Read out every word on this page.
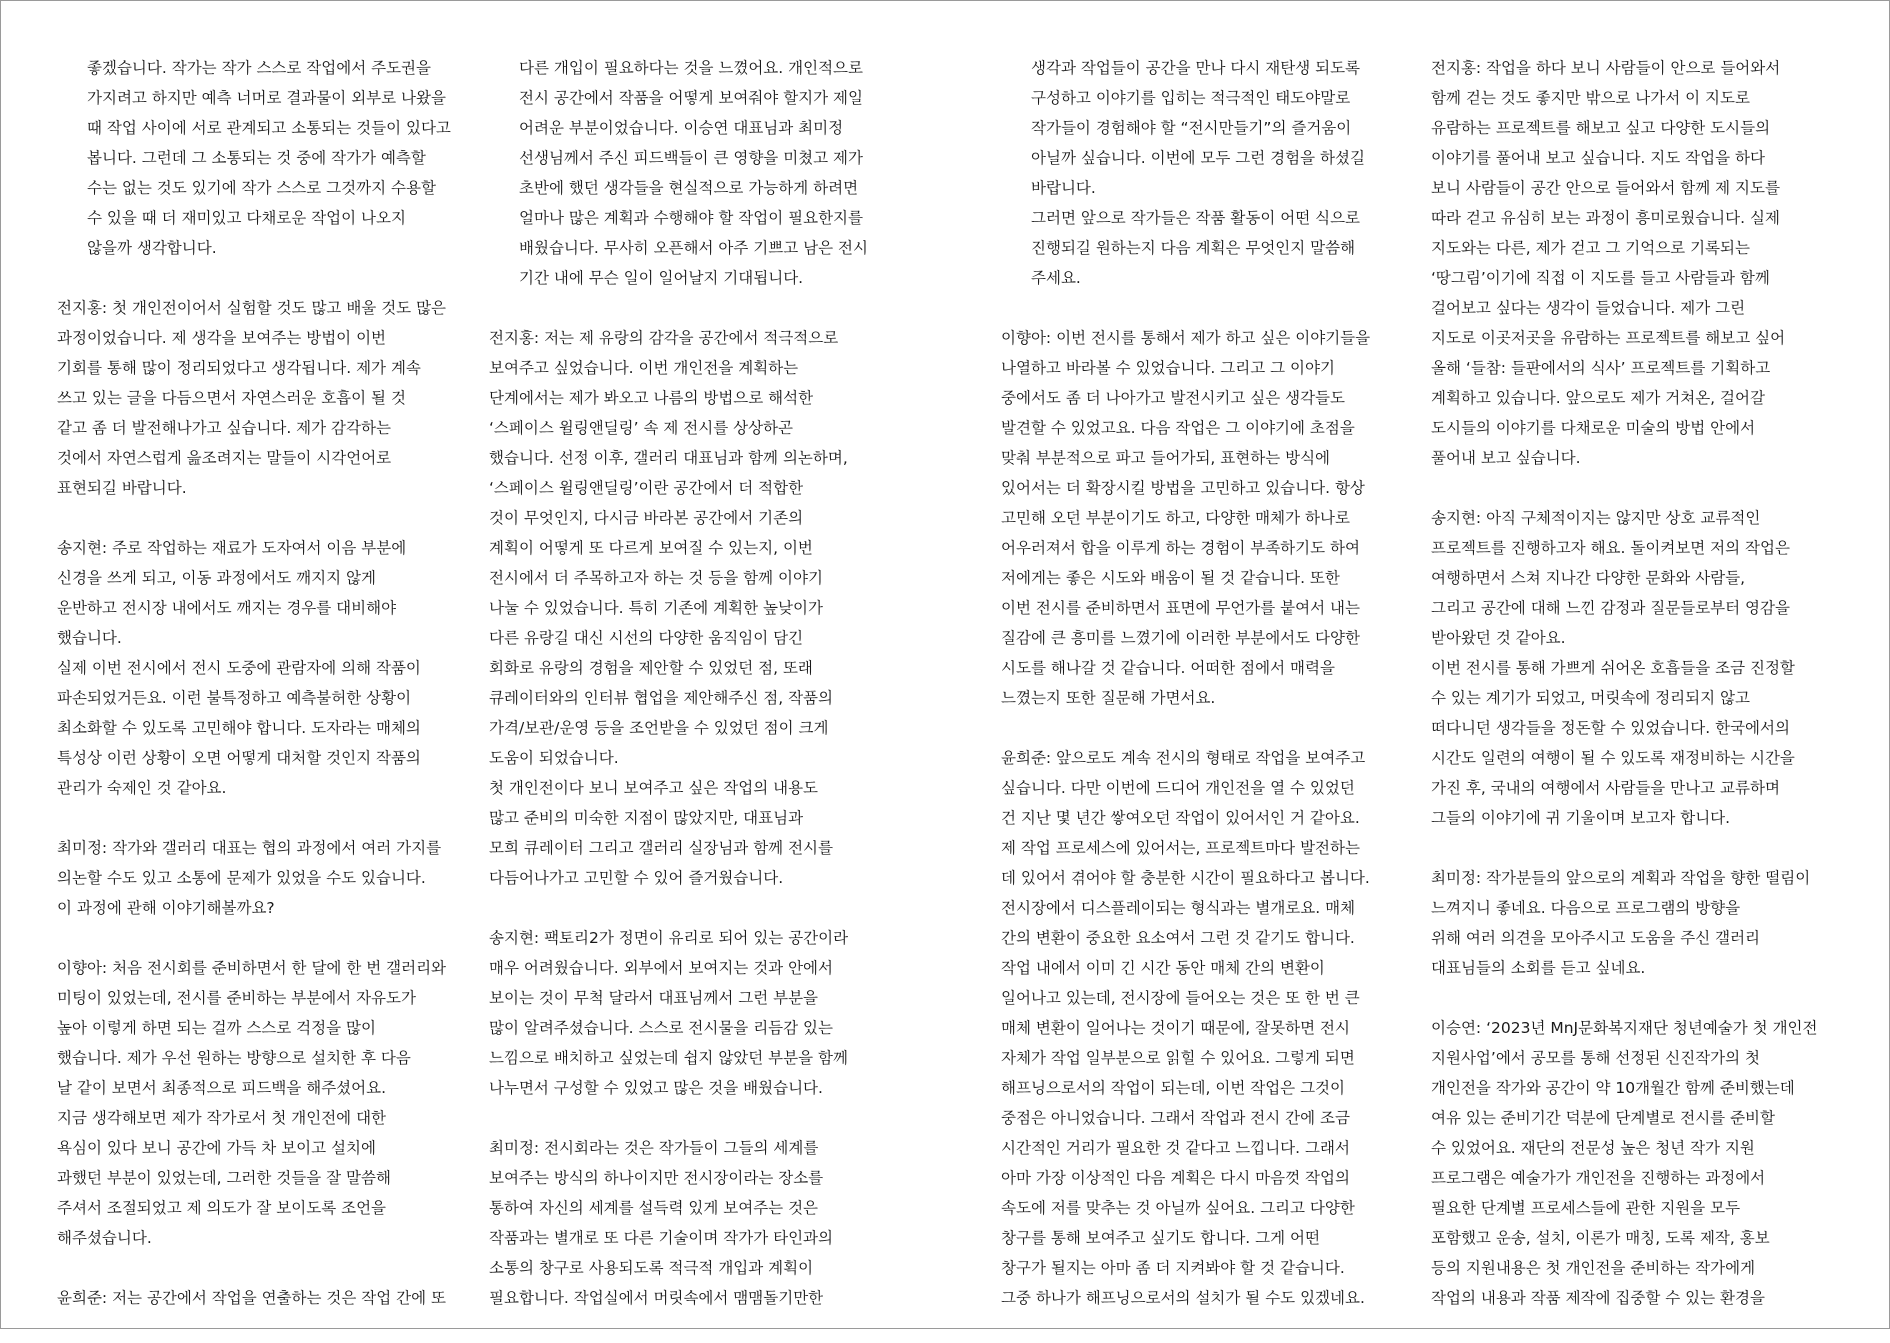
좋겠습니다. 작가는 작가 스스로 작업에서 주도권을
가지려고 하지만 예측 너머로 결과물이 외부로 나왔을
때 작업 사이에 서로 관계되고 소통되는 것들이 있다고
봅니다. 그런데 그 소통되는 것 중에 작가가 예측할
수는 없는 것도 있기에 작가 스스로 그것까지 수용할
수 있을 때 더 재미있고 다채로운 작업이 나오지
않을까 생각합니다.
전지홍: 첫 개인전이어서 실험할 것도 많고 배울 것도 많은
과정이었습니다. 제 생각을 보여주는 방법이 이번
기회를 통해 많이 정리되었다고 생각됩니다. 제가 계속
쓰고 있는 글을 다듬으면서 자연스러운 호흡이 될 것
같고 좀 더 발전해나가고 싶습니다. 제가 감각하는
것에서 자연스럽게 읊조려지는 말들이 시각언어로
표현되길 바랍니다.
송지현: 주로 작업하는 재료가 도자여서 이음 부분에
신경을 쓰게 되고, 이동 과정에서도 깨지지 않게
운반하고 전시장 내에서도 깨지는 경우를 대비해야
했습니다.
실제 이번 전시에서 전시 도중에 관람자에 의해 작품이
파손되었거든요. 이런 불특정하고 예측불허한 상황이
최소화할 수 있도록 고민해야 합니다. 도자라는 매체의
특성상 이런 상황이 오면 어떻게 대처할 것인지 작품의
관리가 숙제인 것 같아요.
최미정: 작가와 갤러리 대표는 협의 과정에서 여러 가지를
의논할 수도 있고 소통에 문제가 있었을 수도 있습니다.
이 과정에 관해 이야기해볼까요?
이향아: 처음 전시회를 준비하면서 한 달에 한 번 갤러리와
미팅이 있었는데, 전시를 준비하는 부분에서 자유도가
높아 이렇게 하면 되는 걸까 스스로 걱정을 많이
했습니다. 제가 우선 원하는 방향으로 설치한 후 다음
날 같이 보면서 최종적으로 피드백을 해주셨어요.
지금 생각해보면 제가 작가로서 첫 개인전에 대한
욕심이 있다 보니 공간에 가득 차 보이고 설치에
과했던 부분이 있었는데, 그러한 것들을 잘 말씀해
주셔서 조절되었고 제 의도가 잘 보이도록 조언을
해주셨습니다.
윤희준: 저는 공간에서 작업을 연출하는 것은 작업 간에 또
다른 개입이 필요하다는 것을 느꼈어요. 개인적으로
전시 공간에서 작품을 어떻게 보여줘야 할지가 제일
어려운 부분이었습니다. 이승연 대표님과 최미정
선생님께서 주신 피드백들이 큰 영향을 미쳤고 제가
초반에 했던 생각들을 현실적으로 가능하게 하려면
얼마나 많은 계획과 수행해야 할 작업이 필요한지를
배웠습니다. 무사히 오픈해서 아주 기쁘고 남은 전시
기간 내에 무슨 일이 일어날지 기대됩니다.
전지홍: 저는 제 유랑의 감각을 공간에서 적극적으로
보여주고 싶었습니다. 이번 개인전을 계획하는
단계에서는 제가 봐오고 나름의 방법으로 해석한
‘스페이스 윌링앤딜링’ 속 제 전시를 상상하곤
했습니다. 선정 이후, 갤러리 대표님과 함께 의논하며,
‘스페이스 윌링앤딜링’이란 공간에서 더 적합한
것이 무엇인지, 다시금 바라본 공간에서 기존의
계획이 어떻게 또 다르게 보여질 수 있는지, 이번
전시에서 더 주목하고자 하는 것 등을 함께 이야기
나눌 수 있었습니다. 특히 기존에 계획한 높낮이가
다른 유랑길 대신 시선의 다양한 움직임이 담긴
회화로 유랑의 경험을 제안할 수 있었던 점, 또래
큐레이터와의 인터뷰 협업을 제안해주신 점, 작품의
가격/보관/운영 등을 조언받을 수 있었던 점이 크게
도움이 되었습니다.
첫 개인전이다 보니 보여주고 싶은 작업의 내용도
많고 준비의 미숙한 지점이 많았지만, 대표님과
모희 큐레이터 그리고 갤러리 실장님과 함께 전시를
다듬어나가고 고민할 수 있어 즐거웠습니다.
송지현: 팩토리2가 정면이 유리로 되어 있는 공간이라
매우 어려웠습니다. 외부에서 보여지는 것과 안에서
보이는 것이 무척 달라서 대표님께서 그런 부분을
많이 알려주셨습니다. 스스로 전시물을 리듬감 있는
느낌으로 배치하고 싶었는데 쉽지 않았던 부분을 함께
나누면서 구성할 수 있었고 많은 것을 배웠습니다.
최미정: 전시회라는 것은 작가들이 그들의 세계를
보여주는 방식의 하나이지만 전시장이라는 장소를
통하여 자신의 세계를 설득력 있게 보여주는 것은
작품과는 별개로 또 다른 기술이며 작가가 타인과의
소통의 창구로 사용되도록 적극적 개입과 계획이
필요합니다. 작업실에서 머릿속에서 맴맴돌기만한
생각과 작업들이 공간을 만나 다시 재탄생 되도록
구성하고 이야기를 입히는 적극적인 태도야말로
작가들이 경험해야 할 “전시만들기”의 즐거움이
아닐까 싶습니다. 이번에 모두 그런 경험을 하셨길
바랍니다.
그러면 앞으로 작가들은 작품 활동이 어떤 식으로
진행되길 원하는지 다음 계획은 무엇인지 말씀해
주세요.
이향아: 이번 전시를 통해서 제가 하고 싶은 이야기들을
나열하고 바라볼 수 있었습니다. 그리고 그 이야기
중에서도 좀 더 나아가고 발전시키고 싶은 생각들도
발견할 수 있었고요. 다음 작업은 그 이야기에 초점을
맞춰 부분적으로 파고 들어가되, 표현하는 방식에
있어서는 더 확장시킬 방법을 고민하고 있습니다. 항상
고민해 오던 부분이기도 하고, 다양한 매체가 하나로
어우러져서 합을 이루게 하는 경험이 부족하기도 하여
저에게는 좋은 시도와 배움이 될 것 같습니다. 또한
이번 전시를 준비하면서 표면에 무언가를 붙여서 내는
질감에 큰 흥미를 느꼈기에 이러한 부분에서도 다양한
시도를 해나갈 것 같습니다. 어떠한 점에서 매력을
느꼈는지 또한 질문해 가면서요.
윤희준: 앞으로도 계속 전시의 형태로 작업을 보여주고
싶습니다. 다만 이번에 드디어 개인전을 열 수 있었던
건 지난 몇 년간 쌓여오던 작업이 있어서인 거 같아요.
제 작업 프로세스에 있어서는, 프로젝트마다 발전하는
데 있어서 겪어야 할 충분한 시간이 필요하다고 봅니다.
전시장에서 디스플레이되는 형식과는 별개로요. 매체
간의 변환이 중요한 요소여서 그런 것 같기도 합니다.
작업 내에서 이미 긴 시간 동안 매체 간의 변환이
일어나고 있는데, 전시장에 들어오는 것은 또 한 번 큰
매체 변환이 일어나는 것이기 때문에, 잘못하면 전시
자체가 작업 일부분으로 읽힐 수 있어요. 그렇게 되면
해프닝으로서의 작업이 되는데, 이번 작업은 그것이
중점은 아니었습니다. 그래서 작업과 전시 간에 조금
시간적인 거리가 필요한 것 같다고 느낍니다. 그래서
아마 가장 이상적인 다음 계획은 다시 마음껏 작업의
속도에 저를 맞추는 것 아닐까 싶어요. 그리고 다양한
창구를 통해 보여주고 싶기도 합니다. 그게 어떤
창구가 될지는 아마 좀 더 지켜봐야 할 것 같습니다.
그중 하나가 해프닝으로서의 설치가 될 수도 있겠네요.
전지홍: 작업을 하다 보니 사람들이 안으로 들어와서
함께 걷는 것도 좋지만 밖으로 나가서 이 지도로
유람하는 프로젝트를 해보고 싶고 다양한 도시들의
이야기를 풀어내 보고 싶습니다. 지도 작업을 하다
보니 사람들이 공간 안으로 들어와서 함께 제 지도를
따라 걷고 유심히 보는 과정이 흥미로웠습니다. 실제
지도와는 다른, 제가 걷고 그 기억으로 기록되는
‘땅그림’이기에 직접 이 지도를 들고 사람들과 함께
걸어보고 싶다는 생각이 들었습니다. 제가 그린
지도로 이곳저곳을 유람하는 프로젝트를 해보고 싶어
올해 ‘들참: 들판에서의 식사’ 프로젝트를 기획하고
계획하고 있습니다. 앞으로도 제가 거쳐온, 걸어갈
도시들의 이야기를 다채로운 미술의 방법 안에서
풀어내 보고 싶습니다.
송지현: 아직 구체적이지는 않지만 상호 교류적인
프로젝트를 진행하고자 해요. 돌이켜보면 저의 작업은
여행하면서 스쳐 지나간 다양한 문화와 사람들,
그리고 공간에 대해 느낀 감정과 질문들로부터 영감을
받아왔던 것 같아요.
이번 전시를 통해 가쁘게 쉬어온 호흡들을 조금 진정할
수 있는 계기가 되었고, 머릿속에 정리되지 않고
떠다니던 생각들을 정돈할 수 있었습니다. 한국에서의
시간도 일련의 여행이 될 수 있도록 재정비하는 시간을
가진 후, 국내의 여행에서 사람들을 만나고 교류하며
그들의 이야기에 귀 기울이며 보고자 합니다.
최미정: 작가분들의 앞으로의 계획과 작업을 향한 떨림이
느껴지니 좋네요. 다음으로 프로그램의 방향을
위해 여러 의견을 모아주시고 도움을 주신 갤러리
대표님들의 소회를 듣고 싶네요.
이승연: ‘2023년 MnJ문화복지재단 청년예술가 첫 개인전
지원사업’에서 공모를 통해 선정된 신진작가의 첫
개인전을 작가와 공간이 약 10개월간 함께 준비했는데
여유 있는 준비기간 덕분에 단계별로 전시를 준비할
수 있었어요. 재단의 전문성 높은 청년 작가 지원
프로그램은 예술가가 개인전을 진행하는 과정에서
필요한 단계별 프로세스들에 관한 지원을 모두
포함했고 운송, 설치, 이론가 매칭, 도록 제작, 홍보
등의 지원내용은 첫 개인전을 준비하는 작가에게
작업의 내용과 작품 제작에 집중할 수 있는 환경을
